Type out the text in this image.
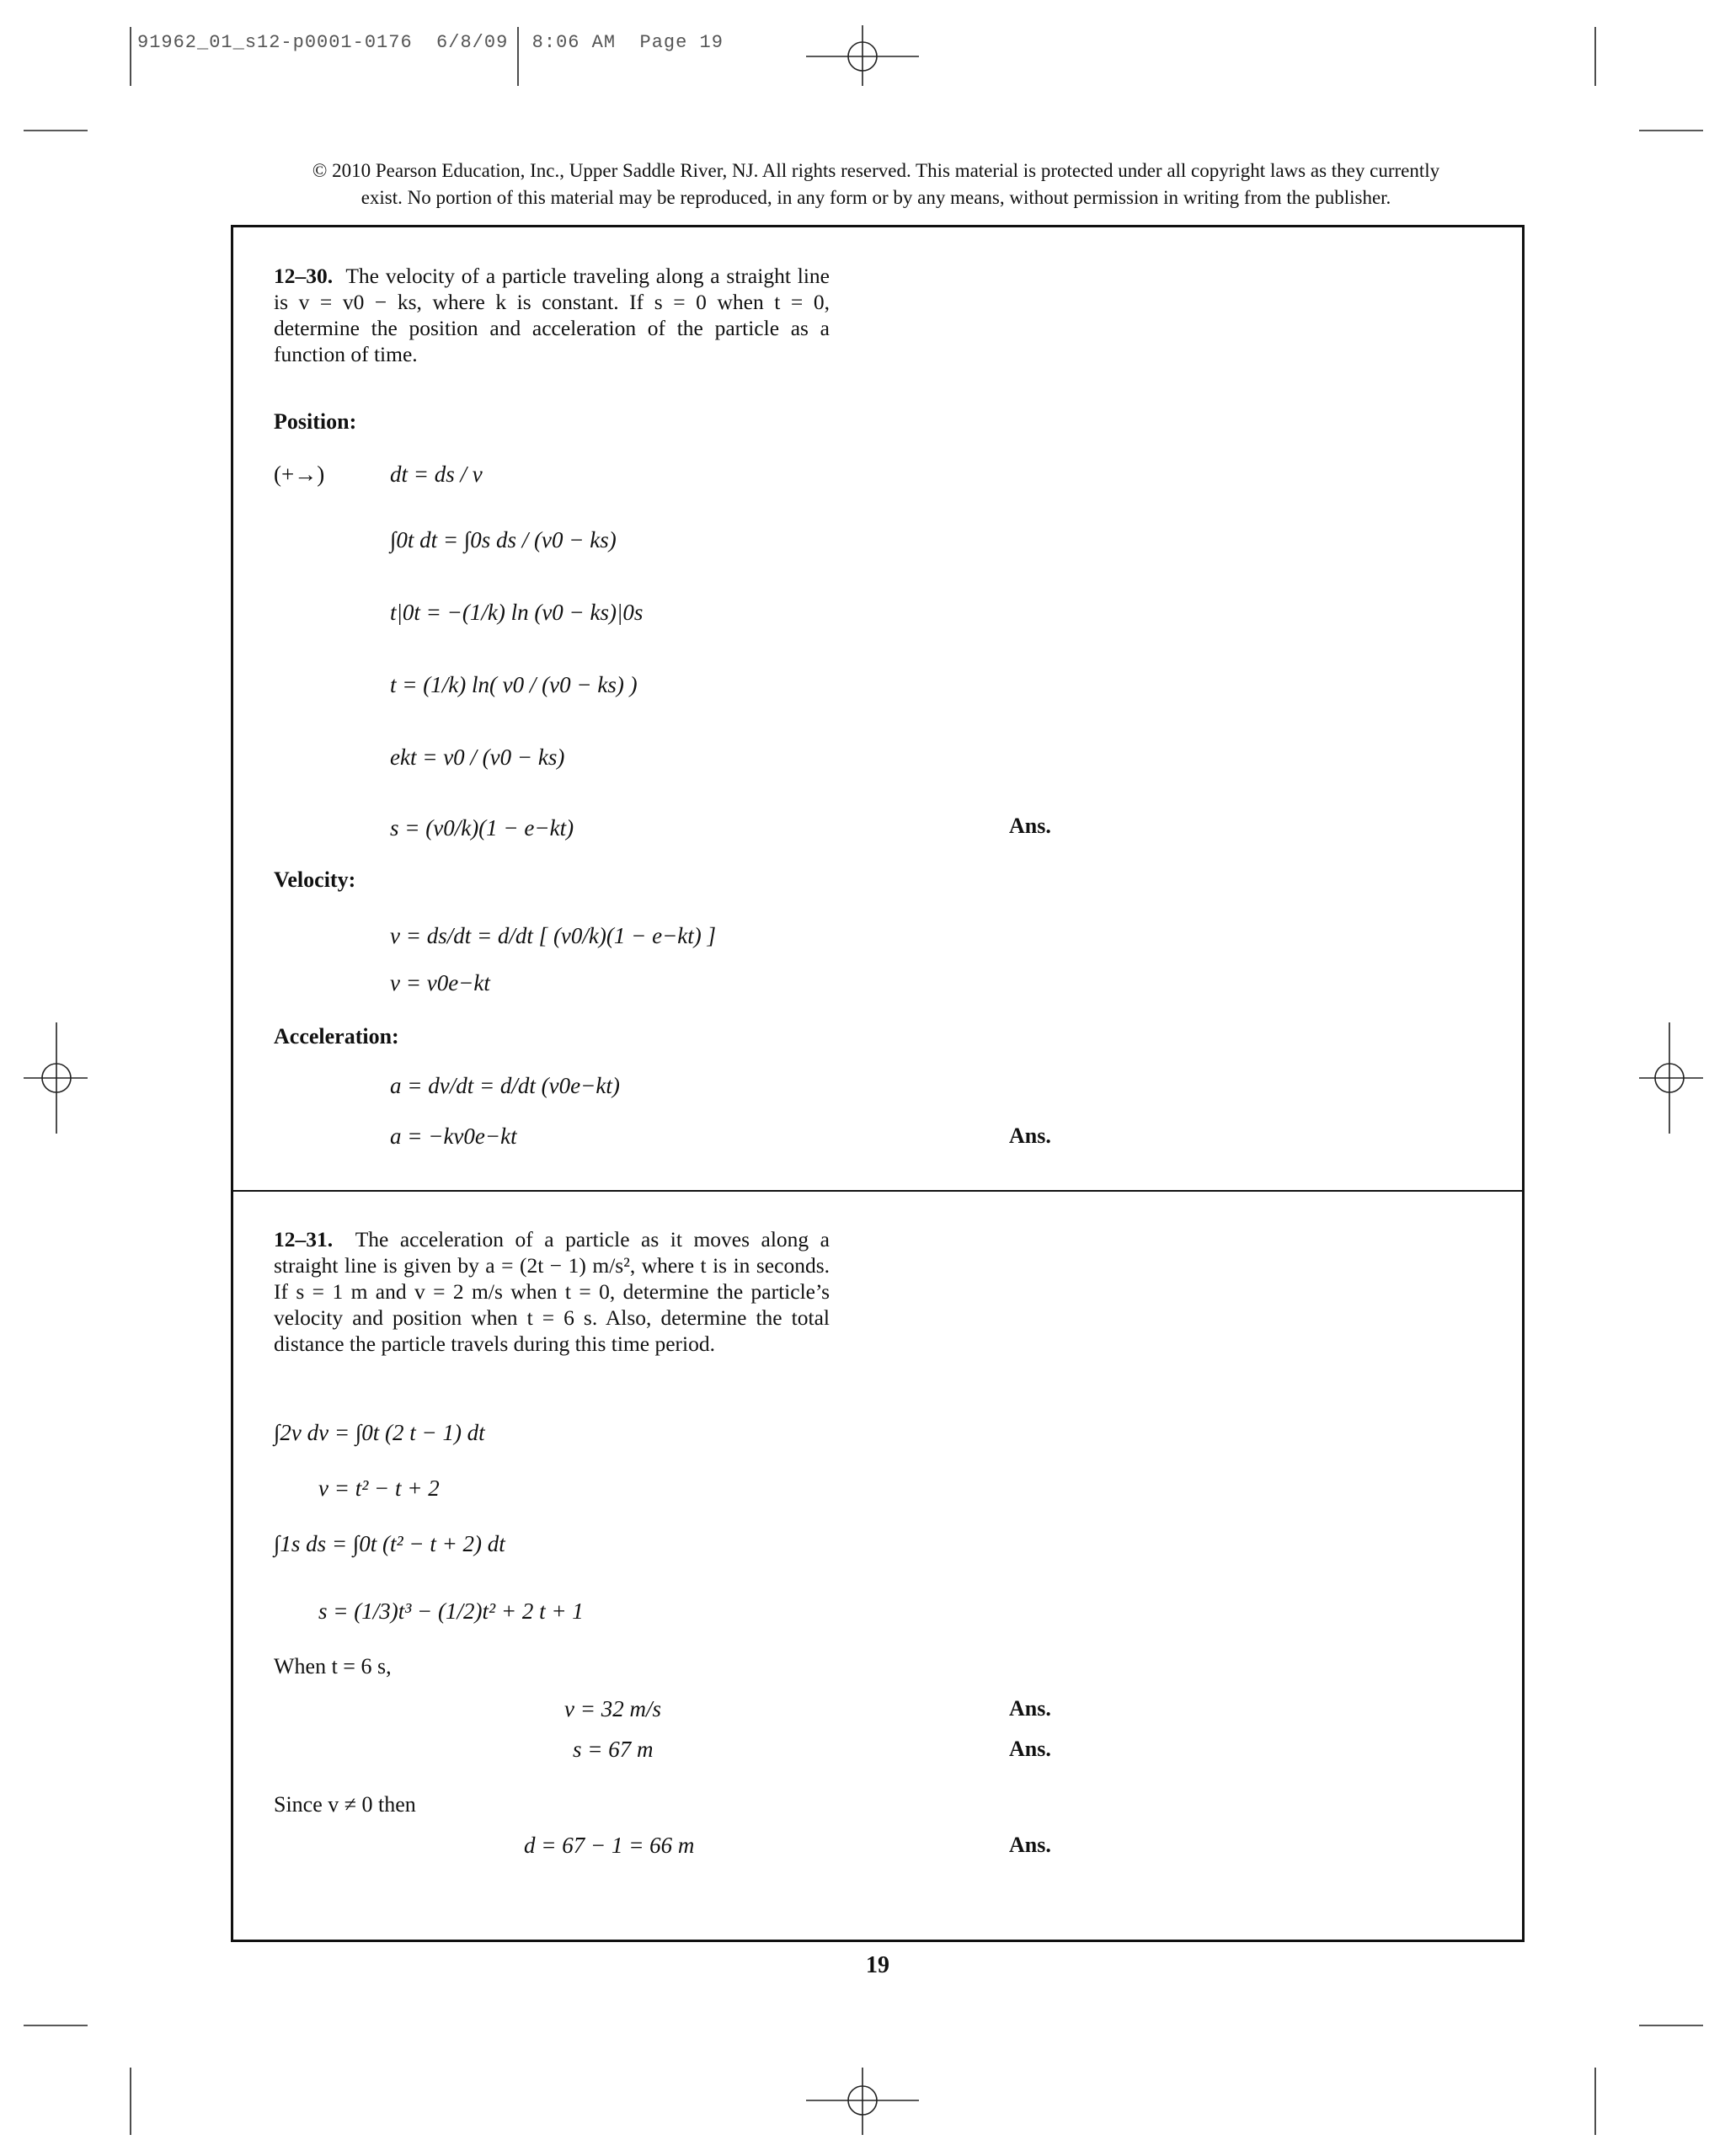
91962_01_s12-p0001-0176  6/8/09  8:06 AM  Page 19
© 2010 Pearson Education, Inc., Upper Saddle River, NJ. All rights reserved. This material is protected under all copyright laws as they currently
exist. No portion of this material may be reproduced, in any form or by any means, without permission in writing from the publisher.
12–30. The velocity of a particle traveling along a straight line is v = v0 − ks, where k is constant. If s = 0 when t = 0, determine the position and acceleration of the particle as a function of time.
Position:
(+→)	dt = ds / v
∫0t dt = ∫0s ds / (v0 − ks)
t|0t = −(1/k) ln (v0 − ks)|0s
t = (1/k) ln( v0 / (v0 − ks) )
ekt = v0 / (v0 − ks)
s = (v0/k)(1 − e−kt)	Ans.
Velocity:
v = ds/dt = d/dt [ (v0/k)(1 − e−kt) ]
v = v0e−kt
Acceleration:
a = dv/dt = d/dt (v0e−kt)
a = −kv0e−kt	Ans.
12–31. The acceleration of a particle as it moves along a straight line is given by a = (2t − 1) m/s², where t is in seconds. If s = 1 m and v = 2 m/s when t = 0, determine the particle’s velocity and position when t = 6 s. Also, determine the total distance the particle travels during this time period.
∫2v dv = ∫0t (2 t − 1) dt
v = t² − t + 2
∫1s ds = ∫0t (t² − t + 2) dt
s = (1/3)t³ − (1/2)t² + 2 t + 1
When t = 6 s,
v = 32 m/s	Ans.
s = 67 m	Ans.
Since v ≠ 0 then
d = 67 − 1 = 66 m	Ans.
19
